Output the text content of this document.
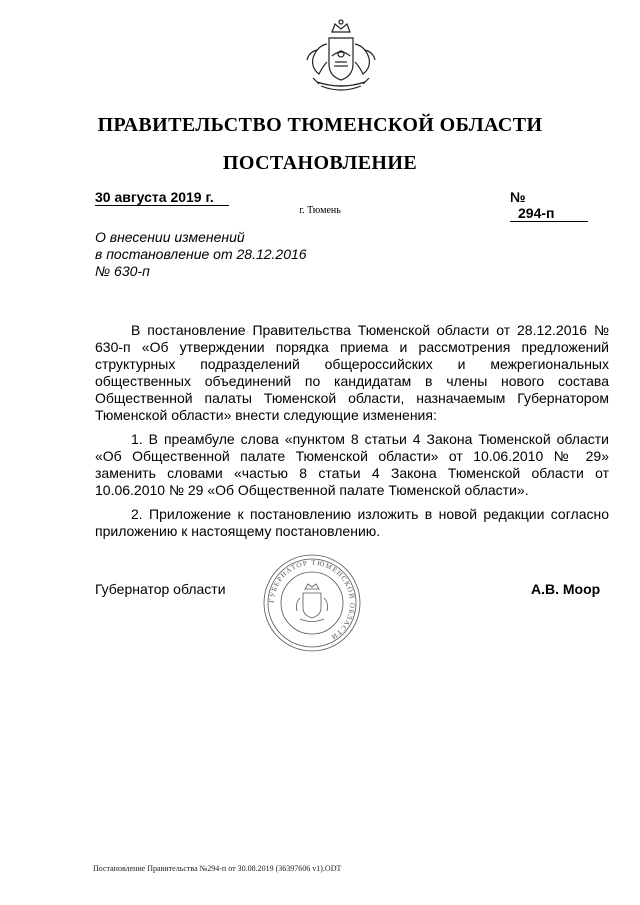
ПРАВИТЕЛЬСТВО ТЮМЕНСКОЙ ОБЛАСТИ
ПОСТАНОВЛЕНИЕ
30 августа 2019 г.	№ 294-п
г. Тюмень
О внесении изменений
в постановление от 28.12.2016
№ 630-п

В постановление Правительства Тюменской области от 28.12.2016 № 630-п «Об утверждении порядка приема и рассмотрения предложений структурных подразделений общероссийских и межрегиональных общественных объединений по кандидатам в члены нового состава Общественной палаты Тюменской области, назначаемым Губернатором Тюменской области» внести следующие изменения:

1. В преамбуле слова «пунктом 8 статьи 4 Закона Тюменской области «Об Общественной палате Тюменской области» от 10.06.2010 № 29» заменить словами «частью 8 статьи 4 Закона Тюменской области от 10.06.2010 № 29 «Об Общественной палате Тюменской области».

2. Приложение к постановлению изложить в новой редакции согласно приложению к настоящему постановлению.

Губернатор области
ГУБЕРНАТОР ТЮМЕНСКОЙ ОБЛАСТИ
А.В. Моор
Постановление Правительства №294-п от 30.08.2019 (36397606 v1).ODT
